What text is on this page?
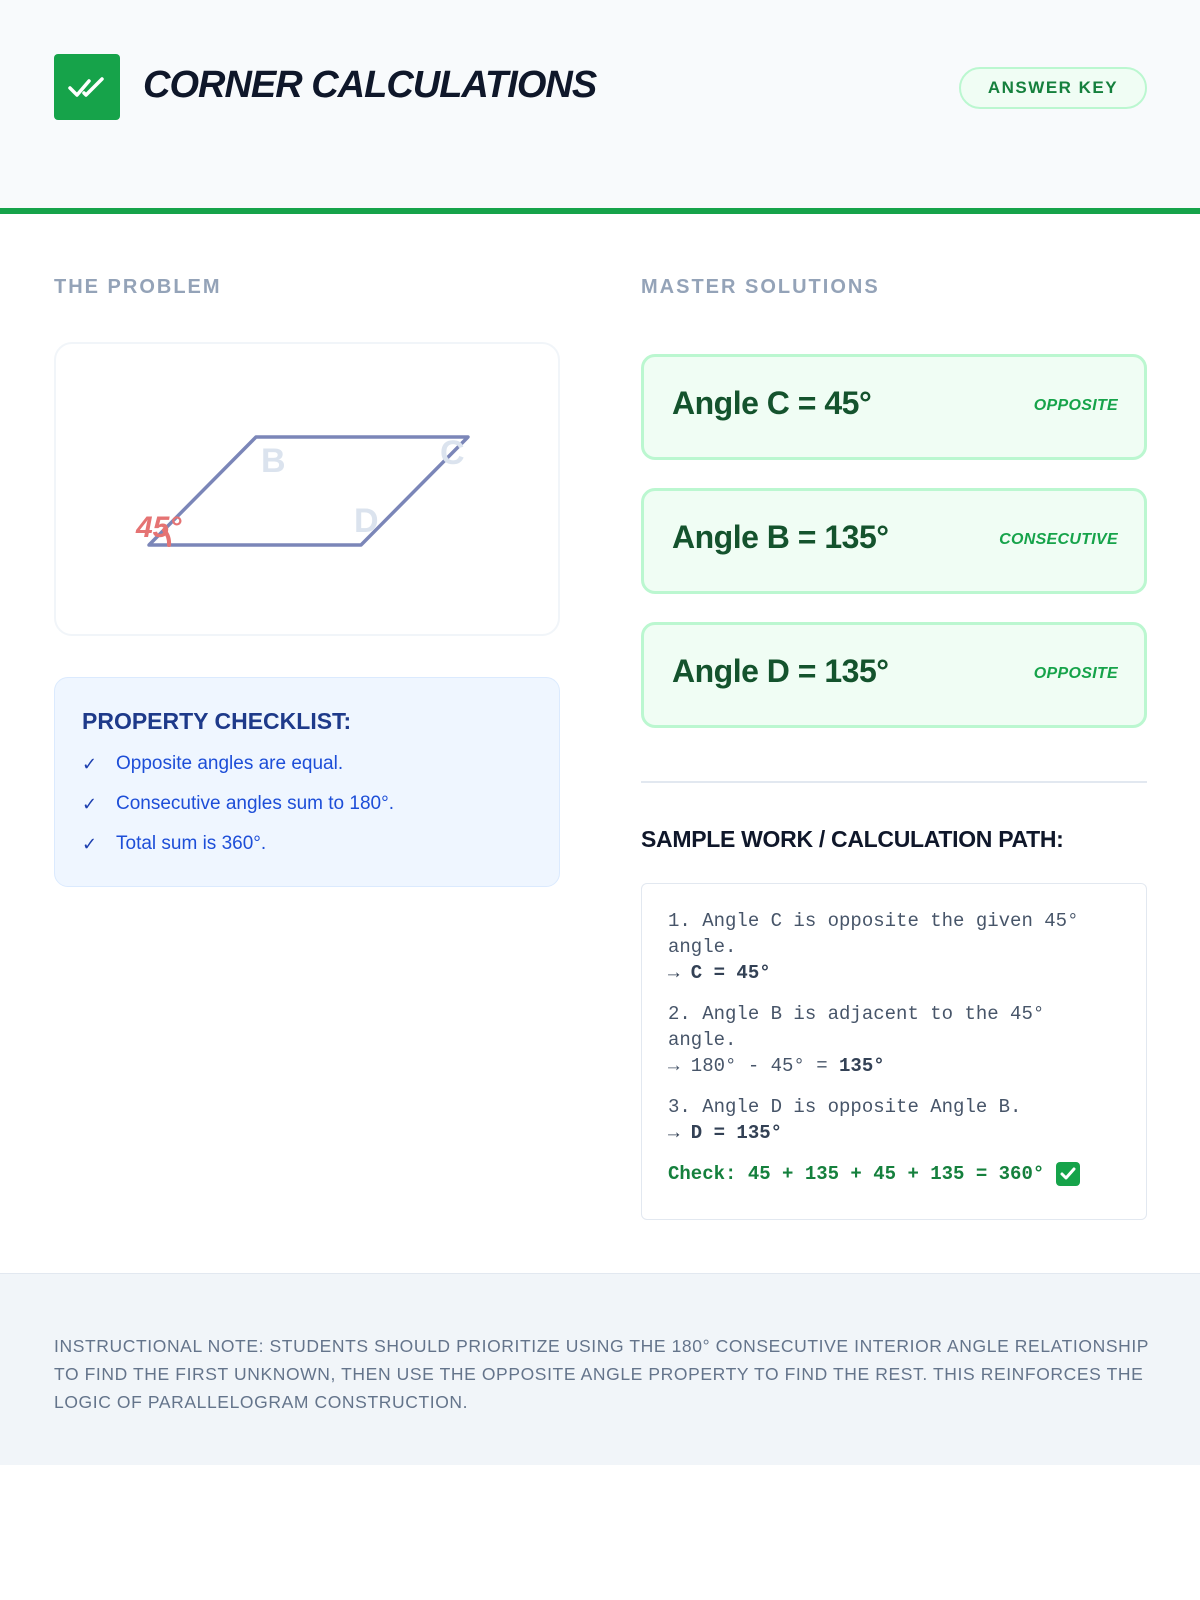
CORNER CALCULATIONS	ANSWER KEY
THE PROBLEM
45°
B	C
D
PROPERTY CHECKLIST:
✓ Opposite angles are equal.
✓ Consecutive angles sum to 180°.
✓ Total sum is 360°.
MASTER SOLUTIONS
Angle C = 45°	OPPOSITE
Angle B = 135°	CONSECUTIVE
Angle D = 135°	OPPOSITE
SAMPLE WORK / CALCULATION PATH:
1. Angle C is opposite the given 45°
angle.
→ C = 45°
2. Angle B is adjacent to the 45°
angle.
→ 180° - 45° = 135°
3. Angle D is opposite Angle B.
→ D = 135°
Check: 45 + 135 + 45 + 135 = 360°
INSTRUCTIONAL NOTE: STUDENTS SHOULD PRIORITIZE USING THE 180° CONSECUTIVE INTERIOR ANGLE RELATIONSHIP TO FIND THE FIRST UNKNOWN, THEN USE THE OPPOSITE ANGLE PROPERTY TO FIND THE REST. THIS REINFORCES THE LOGIC OF PARALLELOGRAM CONSTRUCTION.
